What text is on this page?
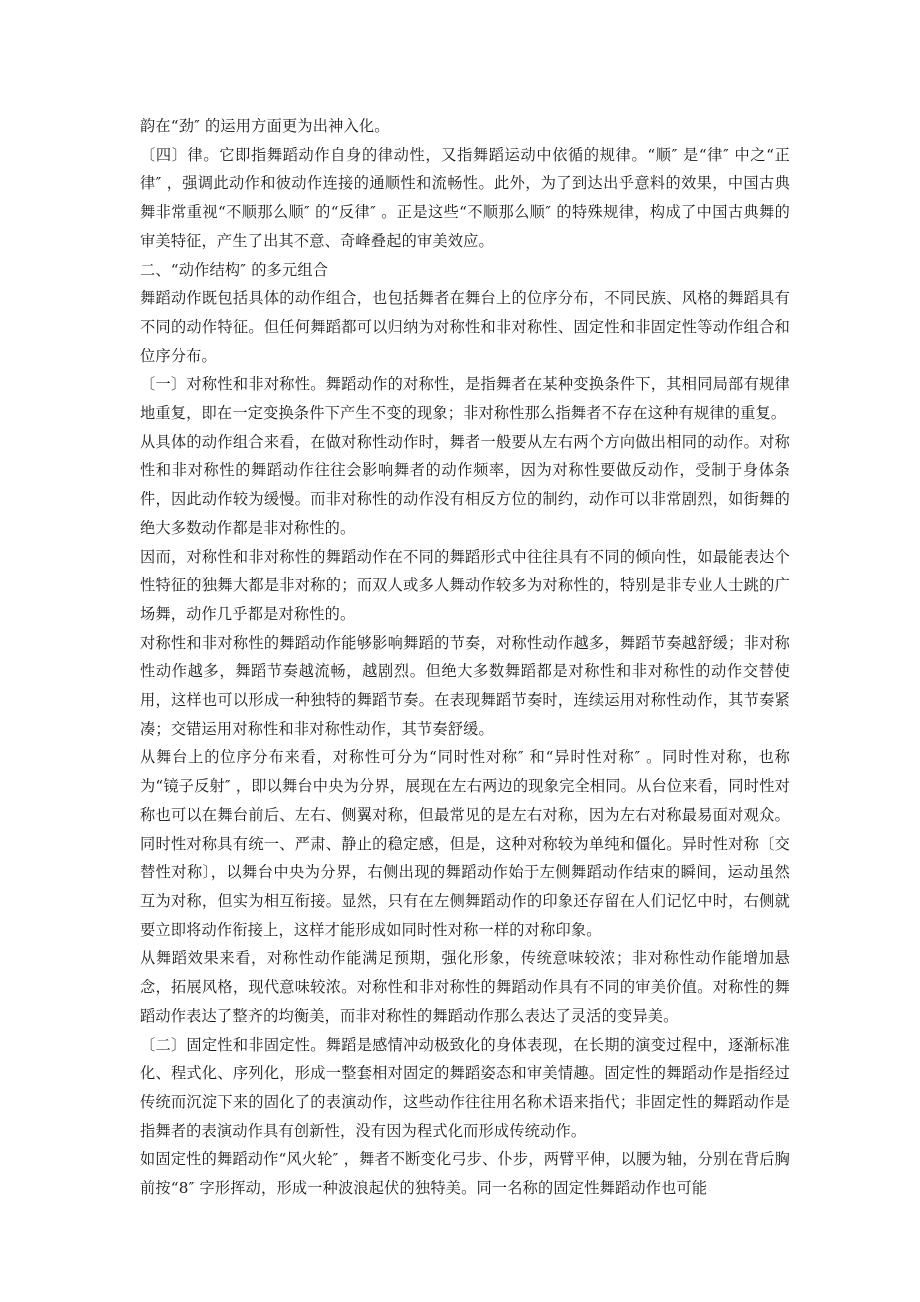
韵在“劲″ 的运用方面更为出神入化。

〔四〕律。它即指舞蹈动作自身的律动性，又指舞蹈运动中依循的规律。“顺″ 是“律″ 中之“正律″ ，强调此动作和彼动作连接的通顺性和流畅性。此外，为了到达出乎意料的效果，中国古典舞非常重视“不顺那么顺″ 的“反律″ 。正是这些“不顺那么顺″ 的特殊规律，构成了中国古典舞的审美特征，产生了出其不意、奇峰叠起的审美效应。

二、“动作结构″ 的多元组合

舞蹈动作既包括具体的动作组合，也包括舞者在舞台上的位序分布，不同民族、风格的舞蹈具有不同的动作特征。但任何舞蹈都可以归纳为对称性和非对称性、固定性和非固定性等动作组合和位序分布。

〔一〕对称性和非对称性。舞蹈动作的对称性，是指舞者在某种变换条件下，其相同局部有规律地重复，即在一定变换条件下产生不变的现象；非对称性那么指舞者不存在这种有规律的重复。

从具体的动作组合来看，在做对称性动作时，舞者一般要从左右两个方向做出相同的动作。对称性和非对称性的舞蹈动作往往会影响舞者的动作频率，因为对称性要做反动作，受制于身体条件，因此动作较为缓慢。而非对称性的动作没有相反方位的制约，动作可以非常剧烈，如街舞的绝大多数动作都是非对称性的。

因而，对称性和非对称性的舞蹈动作在不同的舞蹈形式中往往具有不同的倾向性，如最能表达个性特征的独舞大都是非对称的；而双人或多人舞动作较多为对称性的，特别是非专业人士跳的广场舞，动作几乎都是对称性的。

对称性和非对称性的舞蹈动作能够影响舞蹈的节奏，对称性动作越多，舞蹈节奏越舒缓；非对称性动作越多，舞蹈节奏越流畅，越剧烈。但绝大多数舞蹈都是对称性和非对称性的动作交替使用，这样也可以形成一种独特的舞蹈节奏。在表现舞蹈节奏时，连续运用对称性动作，其节奏紧凑；交错运用对称性和非对称性动作，其节奏舒缓。

从舞台上的位序分布来看，对称性可分为“同时性对称″ 和“异时性对称″ 。同时性对称，也称为“镜子反射″ ，即以舞台中央为分界，展现在左右两边的现象完全相同。从台位来看，同时性对称也可以在舞台前后、左右、侧翼对称，但最常见的是左右对称，因为左右对称最易面对观众。同时性对称具有统一、严肃、静止的稳定感，但是，这种对称较为单纯和僵化。异时性对称〔交替性对称〕，以舞台中央为分界，右侧出现的舞蹈动作始于左侧舞蹈动作结束的瞬间，运动虽然互为对称，但实为相互衔接。显然，只有在左侧舞蹈动作的印象还存留在人们记忆中时，右侧就要立即将动作衔接上，这样才能形成如同时性对称一样的对称印象。

从舞蹈效果来看，对称性动作能满足预期，强化形象，传统意味较浓；非对称性动作能增加悬念，拓展风格，现代意味较浓。对称性和非对称性的舞蹈动作具有不同的审美价值。对称性的舞蹈动作表达了整齐的均衡美，而非对称性的舞蹈动作那么表达了灵活的变异美。

〔二〕固定性和非固定性。舞蹈是感情冲动极致化的身体表现，在长期的演变过程中，逐渐标准化、程式化、序列化，形成一整套相对固定的舞蹈姿态和审美情趣。固定性的舞蹈动作是指经过传统而沉淀下来的固化了的表演动作，这些动作往往用名称术语来指代；非固定性的舞蹈动作是指舞者的表演动作具有创新性，没有因为程式化而形成传统动作。

如固定性的舞蹈动作“风火轮″ ，舞者不断变化弓步、仆步，两臂平伸，以腰为轴，分别在背后胸前按“8″ 字形挥动，形成一种波浪起伏的独特美。同一名称的固定性舞蹈动作也可能
